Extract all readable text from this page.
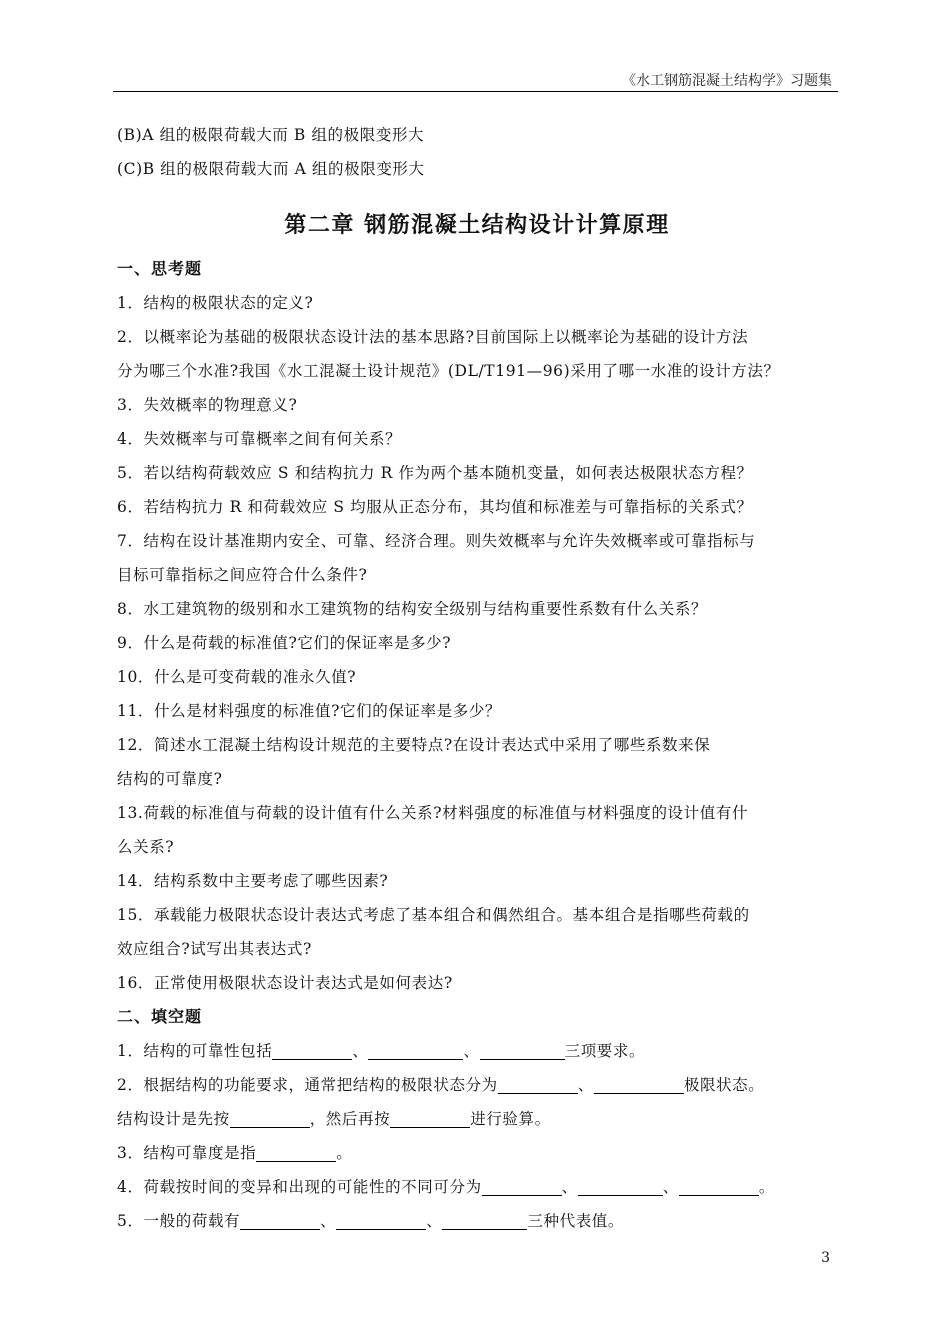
《水工钢筋混凝土结构学》习题集
(B)A 组的极限荷载大而 B 组的极限变形大
(C)B 组的极限荷载大而 A 组的极限变形大
第二章 钢筋混凝土结构设计计算原理
一、思考题
1．结构的极限状态的定义?
2．以概率论为基础的极限状态设计法的基本思路?目前国际上以概率论为基础的设计方法
分为哪三个水准?我国《水工混凝土设计规范》(DL/T191—96)采用了哪一水准的设计方法？
3．失效概率的物理意义?
4．失效概率与可靠概率之间有何关系？
5．若以结构荷载效应 S 和结构抗力 R 作为两个基本随机变量，如何表达极限状态方程？
6．若结构抗力 R 和荷载效应 S 均服从正态分布，其均值和标准差与可靠指标的关系式？
7．结构在设计基准期内安全、可靠、经济合理。则失效概率与允许失效概率或可靠指标与
目标可靠指标之间应符合什么条件?
8．水工建筑物的级别和水工建筑物的结构安全级别与结构重要性系数有什么关系？
9．什么是荷载的标准值?它们的保证率是多少?
10．什么是可变荷载的准永久值?
11．什么是材料强度的标准值?它们的保证率是多少？
12．简述水工混凝土结构设计规范的主要特点?在设计表达式中采用了哪些系数来保
结构的可靠度?
13.荷载的标准值与荷载的设计值有什么关系?材料强度的标准值与材料强度的设计值有什
么关系?
14．结构系数中主要考虑了哪些因素?
15．承载能力极限状态设计表达式考虑了基本组合和偶然组合。基本组合是指哪些荷载的
效应组合?试写出其表达式?
16．正常使用极限状态设计表达式是如何表达?
二、填空题
1．结构的可靠性包括	、	、	三项要求。
2．根据结构的功能要求，通常把结构的极限状态分为	、	极限状态。
结构设计是先按	，然后再按	进行验算。
3．结构可靠度是指	。
4．荷载按时间的变异和出现的可能性的不同可分为	、	、	。
5．一般的荷载有	、	、	三种代表值。
3
